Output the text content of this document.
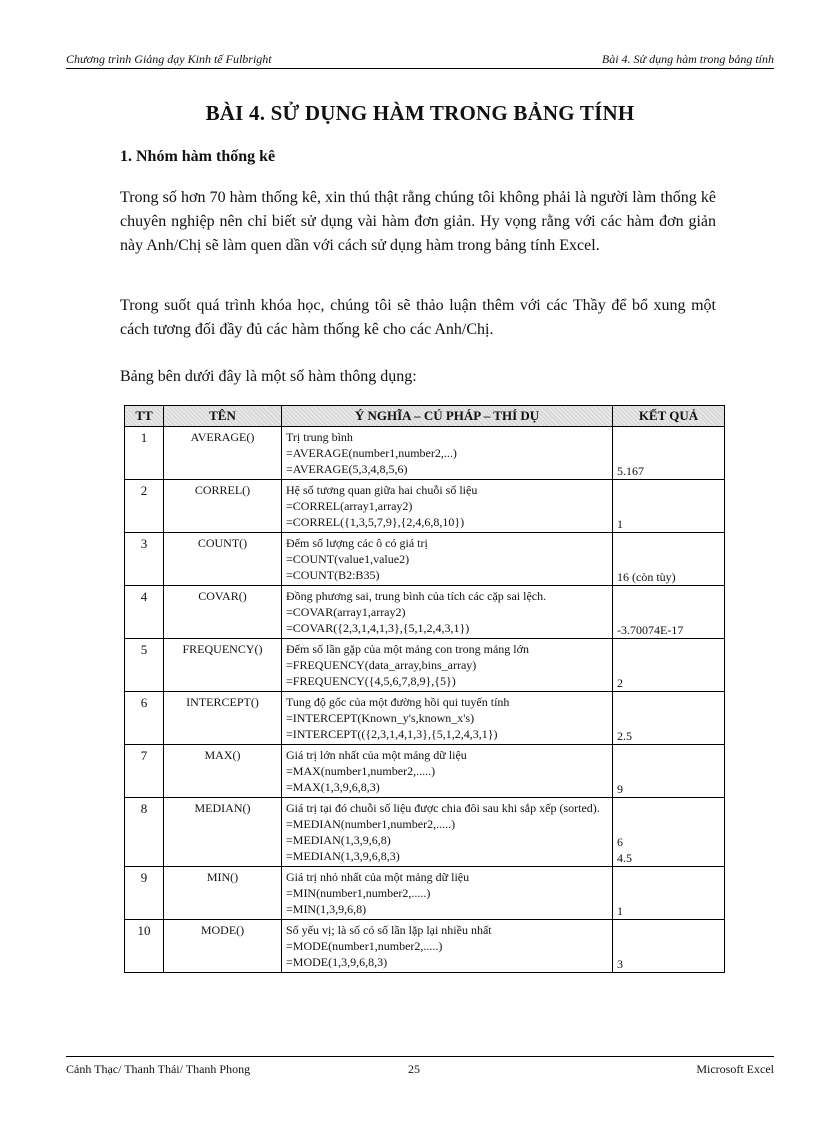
Chương trình Giảng dạy Kinh tế Fulbright	Bài 4. Sử dụng hàm trong bảng tính
BÀI 4. SỬ DỤNG HÀM TRONG BẢNG TÍNH
1. Nhóm hàm thống kê
Trong số hơn 70 hàm thống kê, xin thú thật rằng chúng tôi không phải là người làm thống kê chuyên nghiệp nên chỉ biết sử dụng vài hàm đơn giản. Hy vọng rằng với các hàm đơn giản này Anh/Chị sẽ làm quen dần với cách sử dụng hàm trong bảng tính Excel.
Trong suốt quá trình khóa học, chúng tôi sẽ thảo luận thêm với các Thầy để bổ xung một cách tương đối đầy đủ các hàm thống kê cho các Anh/Chị.
Bảng bên dưới đây là một số hàm thông dụng:
TT	TÊN	Ý NGHĨA – CÚ PHÁP – THÍ DỤ	KẾT QUẢ
1	AVERAGE()	Trị trung bình
=AVERAGE(number1,number2,...)
=AVERAGE(5,3,4,8,5,6)	5.167

2	CORREL()	Hệ số tương quan giữa hai chuỗi số liệu
=CORREL(array1,array2)
=CORREL({1,3,5,7,9},{2,4,6,8,10})	1

3	COUNT()	Đếm số lượng các ô có giá trị
=COUNT(value1,value2)
=COUNT(B2:B35)	16 (còn tùy)

4	COVAR()	Đồng phương sai, trung bình của tích các cặp sai lệch.
=COVAR(array1,array2)
=COVAR({2,3,1,4,1,3},{5,1,2,4,3,1})	-3.70074E-17

5	FREQUENCY()	Đếm số lần gặp của một mảng con trong mảng lớn
=FREQUENCY(data_array,bins_array)
=FREQUENCY({4,5,6,7,8,9},{5})	2

6	INTERCEPT()	Tung độ gốc của một đường hồi qui tuyến tính
=INTERCEPT(Known_y's,known_x's)
=INTERCEPT(({2,3,1,4,1,3},{5,1,2,4,3,1})	2.5

7	MAX()	Giá trị lớn nhất của một mảng dữ liệu
=MAX(number1,number2,.....)
=MAX(1,3,9,6,8,3)	9

8	MEDIAN()	Giá trị tại đó chuỗi số liệu được chia đôi sau khi sắp xếp (sorted).
=MEDIAN(number1,number2,.....)
=MEDIAN(1,3,9,6,8)
=MEDIAN(1,3,9,6,8,3)	6
4.5

9	MIN()	Giá trị nhỏ nhất của một mảng dữ liệu
=MIN(number1,number2,.....)
=MIN(1,3,9,6,8)	1

10	MODE()	Số yếu vị; là số có số lần lặp lại nhiều nhất
=MODE(number1,number2,.....)
=MODE(1,3,9,6,8,3)	3
Cảnh Thạc/ Thanh Thái/ Thanh Phong	25	Microsoft Excel
